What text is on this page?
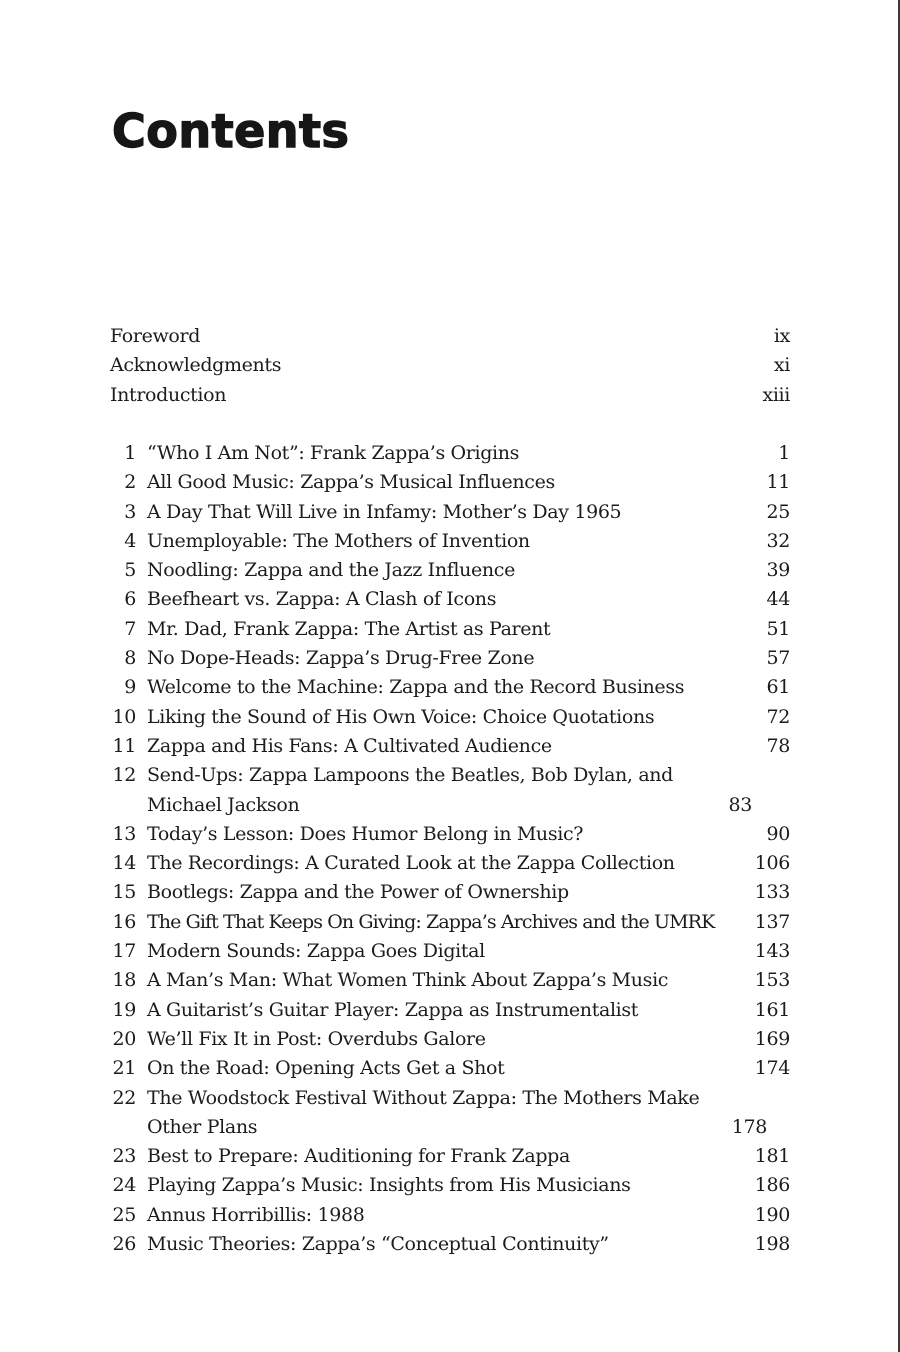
Contents
Foreword	ix
Acknowledgments	xi
Introduction	xiii
1 “Who I Am Not”: Frank Zappa’s Origins	1
2 All Good Music: Zappa’s Musical Influences	11
3 A Day That Will Live in Infamy: Mother’s Day 1965	25
4 Unemployable: The Mothers of Invention	32
5 Noodling: Zappa and the Jazz Influence	39
6 Beefheart vs. Zappa: A Clash of Icons	44
7 Mr. Dad, Frank Zappa: The Artist as Parent	51
8 No Dope-Heads: Zappa’s Drug-Free Zone	57
9 Welcome to the Machine: Zappa and the Record Business	61
10 Liking the Sound of His Own Voice: Choice Quotations	72
11 Zappa and His Fans: A Cultivated Audience	78
12 Send-Ups: Zappa Lampoons the Beatles, Bob Dylan, and Michael Jackson	83
13 Today’s Lesson: Does Humor Belong in Music?	90
14 The Recordings: A Curated Look at the Zappa Collection	106
15 Bootlegs: Zappa and the Power of Ownership	133
16 The Gift That Keeps On Giving: Zappa’s Archives and the UMRK	137
17 Modern Sounds: Zappa Goes Digital	143
18 A Man’s Man: What Women Think About Zappa’s Music	153
19 A Guitarist’s Guitar Player: Zappa as Instrumentalist	161
20 We’ll Fix It in Post: Overdubs Galore	169
21 On the Road: Opening Acts Get a Shot	174
22 The Woodstock Festival Without Zappa: The Mothers Make Other Plans	178
23 Best to Prepare: Auditioning for Frank Zappa	181
24 Playing Zappa’s Music: Insights from His Musicians	186
25 Annus Horribillis: 1988	190
26 Music Theories: Zappa’s “Conceptual Continuity”	198
